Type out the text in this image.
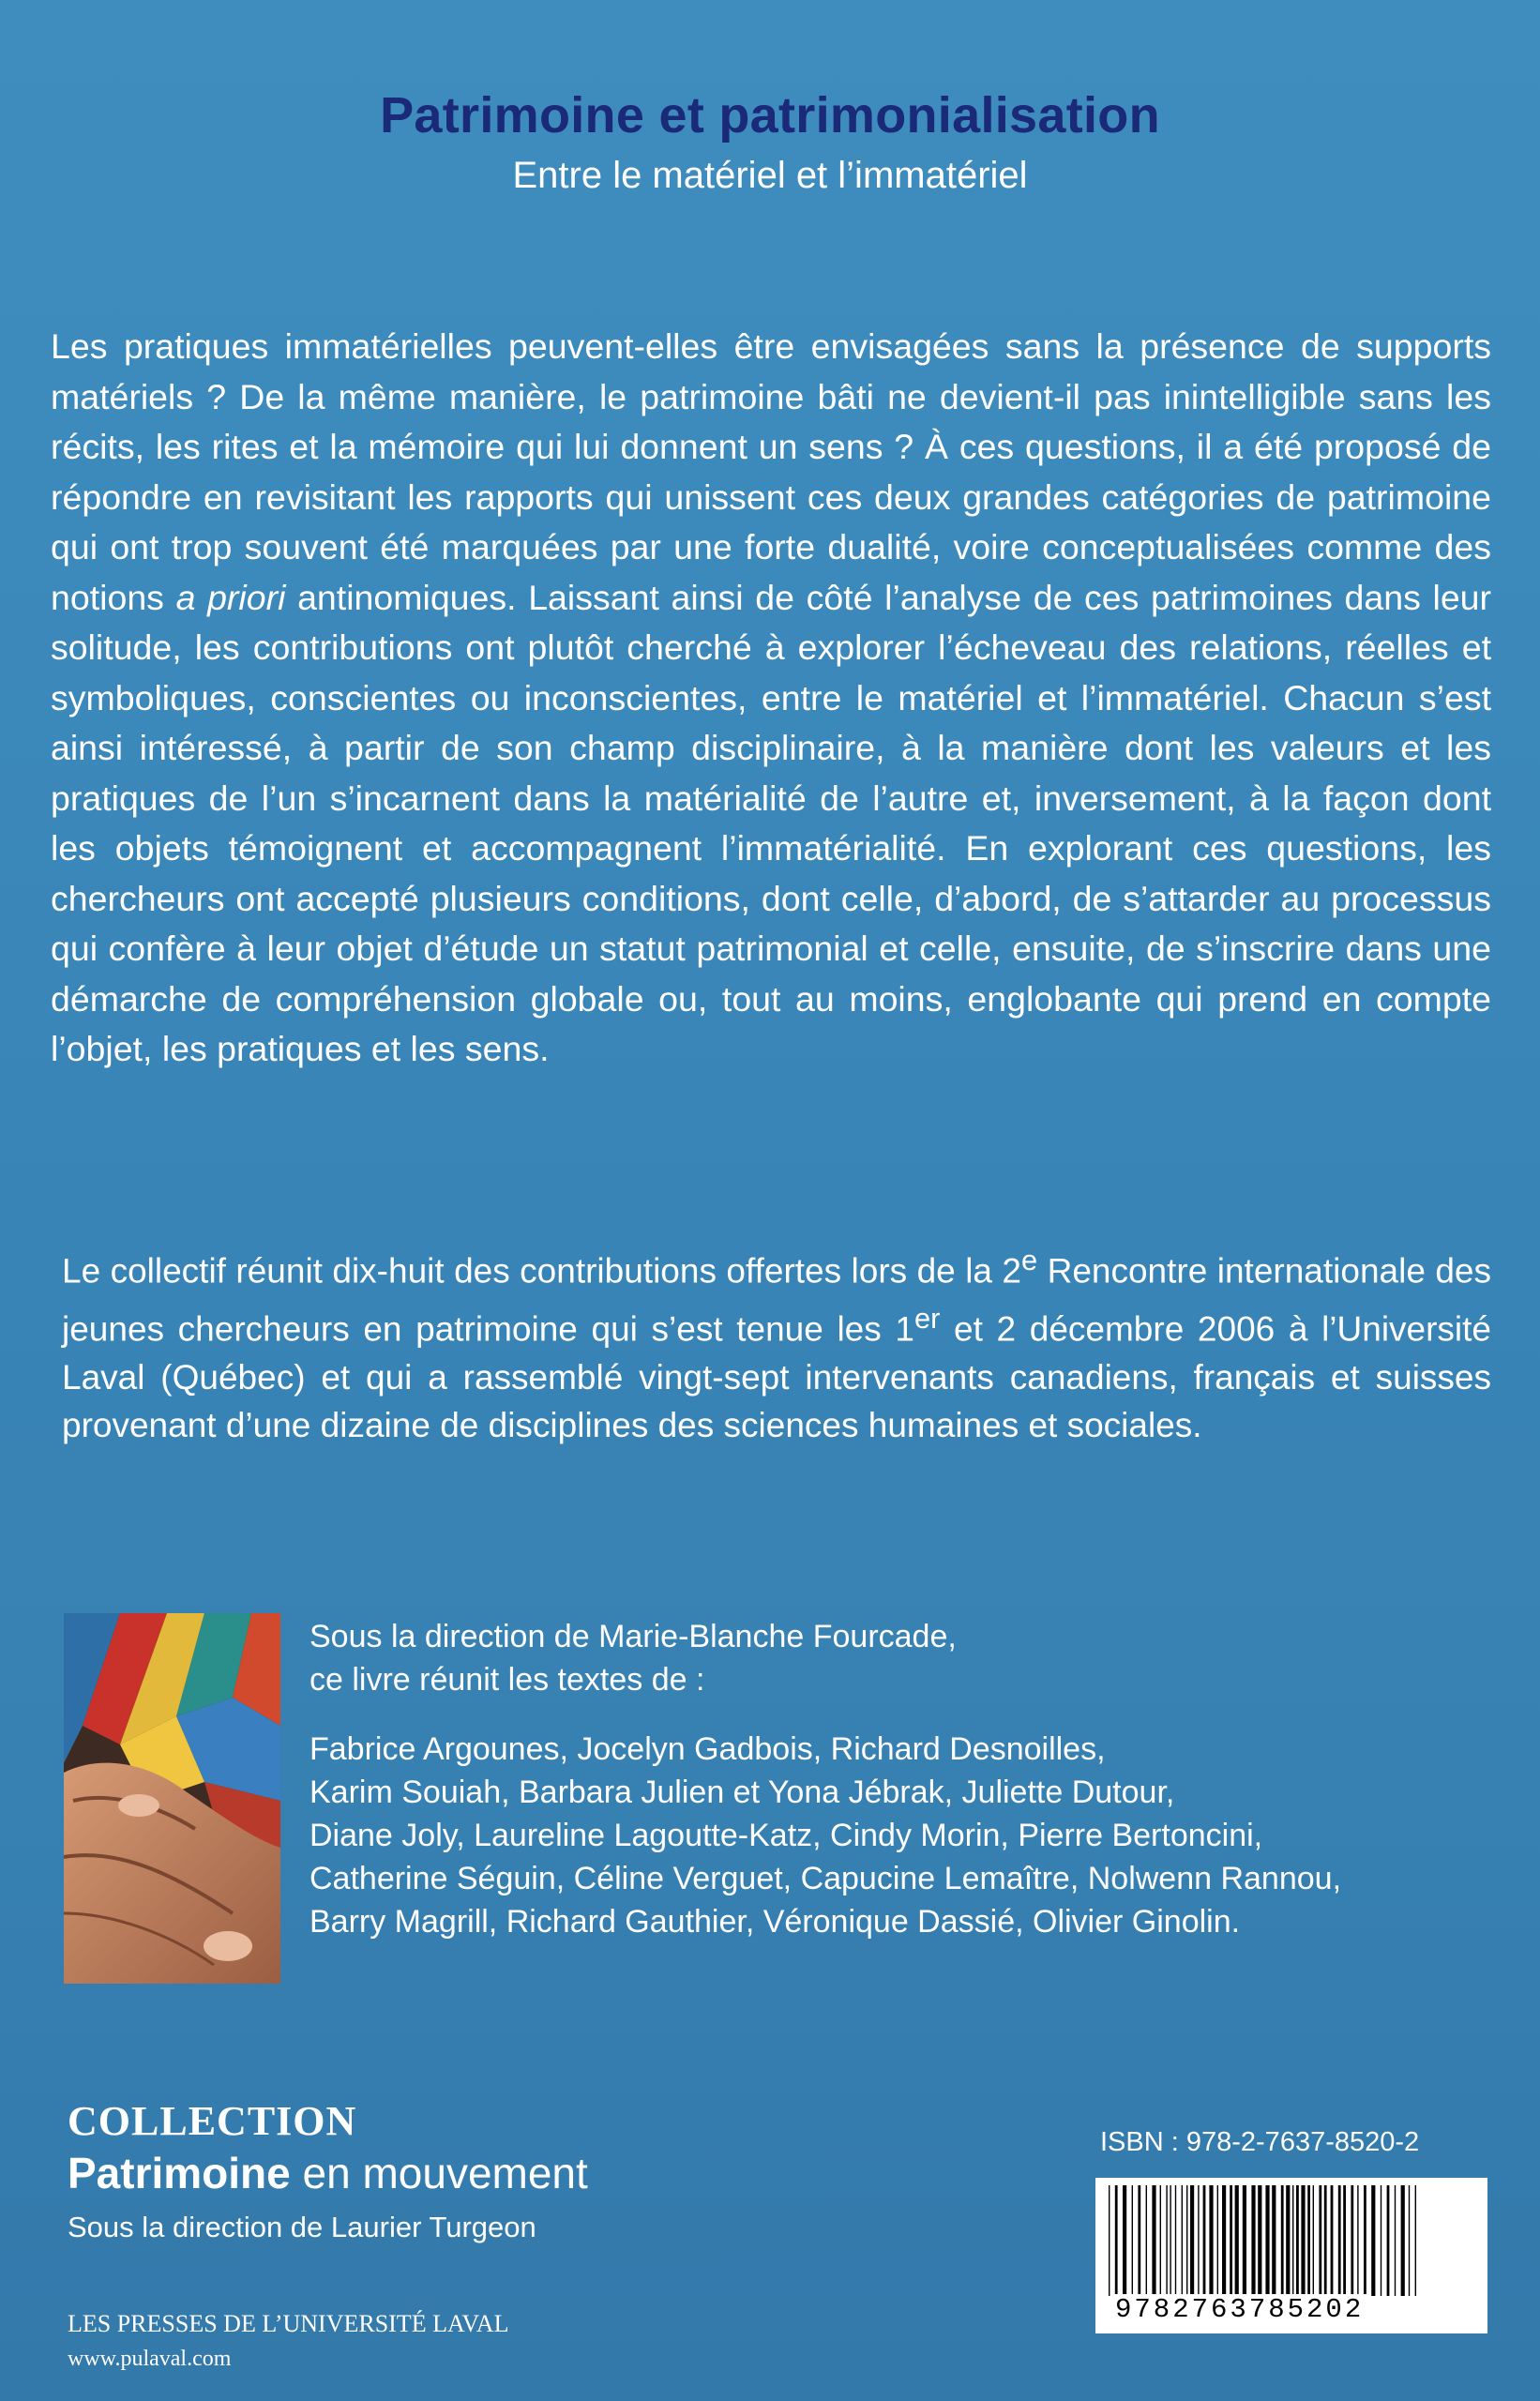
Patrimoine et patrimonialisation
Entre le matériel et l’immatériel

Les pratiques immatérielles peuvent-elles être envisagées sans la présence de supports matériels ? De la même manière, le patrimoine bâti ne devient-il pas inintelligible sans les récits, les rites et la mémoire qui lui donnent un sens ? À ces questions, il a été proposé de répondre en revisitant les rapports qui unissent ces deux grandes catégories de patrimoine qui ont trop souvent été marquées par une forte dualité, voire conceptualisées comme des notions a priori antinomiques. Laissant ainsi de côté l’analyse de ces patrimoines dans leur solitude, les contributions ont plutôt cherché à explorer l’écheveau des relations, réelles et symboliques, conscientes ou inconscientes, entre le matériel et l’immatériel. Chacun s’est ainsi intéressé, à partir de son champ disciplinaire, à la manière dont les valeurs et les pratiques de l’un s’incarnent dans la matérialité de l’autre et, inversement, à la façon dont les objets témoignent et accompagnent l’immatérialité. En explorant ces questions, les chercheurs ont accepté plusieurs conditions, dont celle, d’abord, de s’attarder au processus qui confère à leur objet d’étude un statut patrimonial et celle, ensuite, de s’inscrire dans une démarche de compréhension globale ou, tout au moins, englobante qui prend en compte l’objet, les pratiques et les sens.

Le collectif réunit dix-huit des contributions offertes lors de la 2e Rencontre internationale des jeunes chercheurs en patrimoine qui s’est tenue les 1er et 2 décembre 2006 à l’Université Laval (Québec) et qui a rassemblé vingt-sept intervenants canadiens, français et suisses provenant d’une dizaine de disciplines des sciences humaines et sociales.

Sous la direction de Marie-Blanche Fourcade,
ce livre réunit les textes de :
Fabrice Argounes, Jocelyn Gadbois, Richard Desnoilles,
Karim Souiah, Barbara Julien et Yona Jébrak, Juliette Dutour,
Diane Joly, Laureline Lagoutte-Katz, Cindy Morin, Pierre Bertoncini,
Catherine Séguin, Céline Verguet, Capucine Lemaître, Nolwenn Rannou,
Barry Magrill, Richard Gauthier, Véronique Dassié, Olivier Ginolin.
COLLECTION
Patrimoine en mouvement
Sous la direction de Laurier Turgeon
LES PRESSES DE L’UNIVERSITÉ LAVAL
www.pulaval.com
ISBN : 978-2-7637-8520-2
9782763785202
